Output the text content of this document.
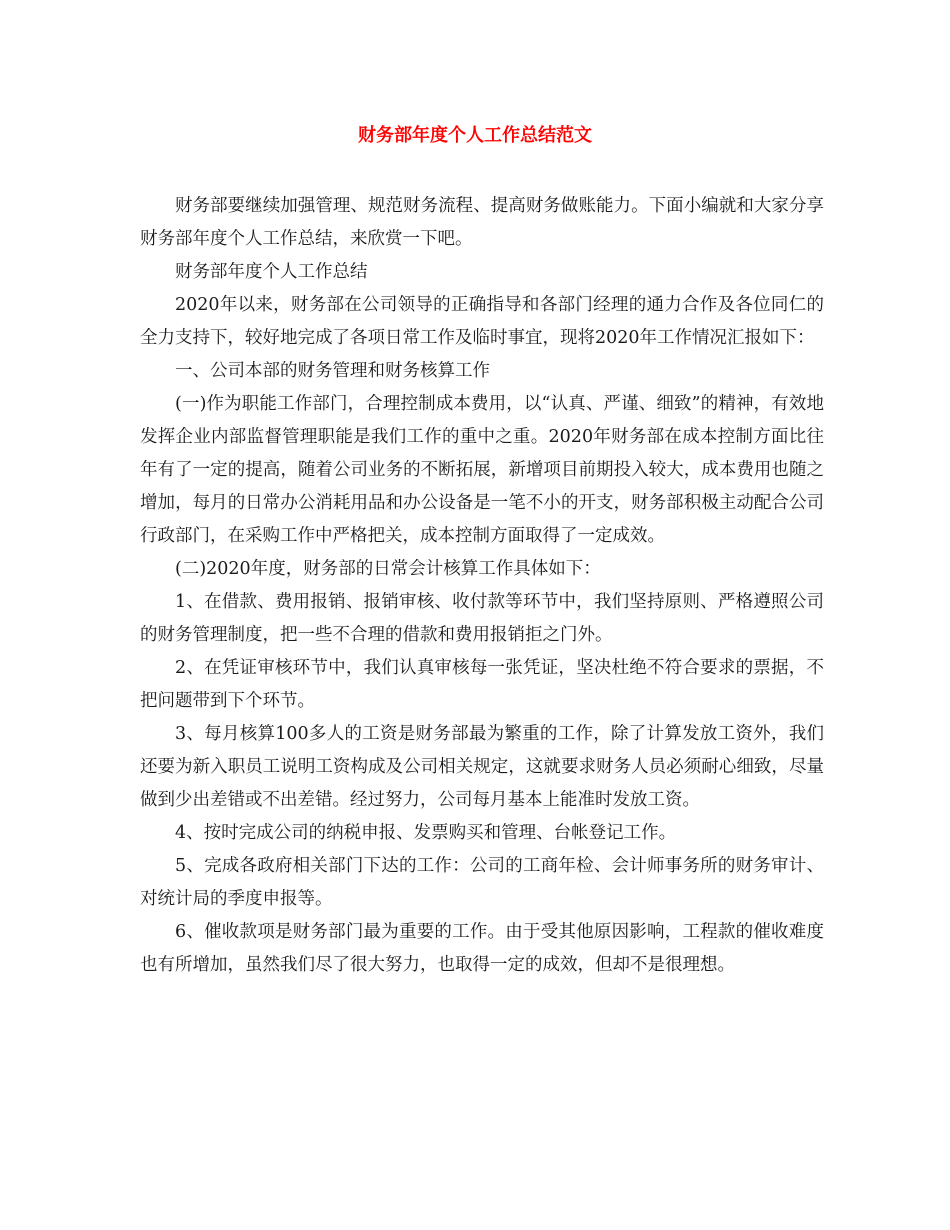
财务部年度个人工作总结范文

财务部要继续加强管理、规范财务流程、提高财务做账能力。下面小编就和大家分享财务部年度个人工作总结，来欣赏一下吧。

财务部年度个人工作总结

2020年以来，财务部在公司领导的正确指导和各部门经理的通力合作及各位同仁的全力支持下，较好地完成了各项日常工作及临时事宜，现将2020年工作情况汇报如下：

一、公司本部的财务管理和财务核算工作

(一)作为职能工作部门，合理控制成本费用，以“认真、严谨、细致”的精神，有效地发挥企业内部监督管理职能是我们工作的重中之重。2020年财务部在成本控制方面比往年有了一定的提高，随着公司业务的不断拓展，新增项目前期投入较大，成本费用也随之增加，每月的日常办公消耗用品和办公设备是一笔不小的开支，财务部积极主动配合公司行政部门，在采购工作中严格把关，成本控制方面取得了一定成效。

(二)2020年度，财务部的日常会计核算工作具体如下：

1、在借款、费用报销、报销审核、收付款等环节中，我们坚持原则、严格遵照公司的财务管理制度，把一些不合理的借款和费用报销拒之门外。

2、在凭证审核环节中，我们认真审核每一张凭证，坚决杜绝不符合要求的票据，不把问题带到下个环节。

3、每月核算100多人的工资是财务部最为繁重的工作，除了计算发放工资外，我们还要为新入职员工说明工资构成及公司相关规定，这就要求财务人员必须耐心细致，尽量做到少出差错或不出差错。经过努力，公司每月基本上能准时发放工资。

4、按时完成公司的纳税申报、发票购买和管理、台帐登记工作。

5、完成各政府相关部门下达的工作：公司的工商年检、会计师事务所的财务审计、对统计局的季度申报等。

6、催收款项是财务部门最为重要的工作。由于受其他原因影响，工程款的催收难度也有所增加，虽然我们尽了很大努力，也取得一定的成效，但却不是很理想。
